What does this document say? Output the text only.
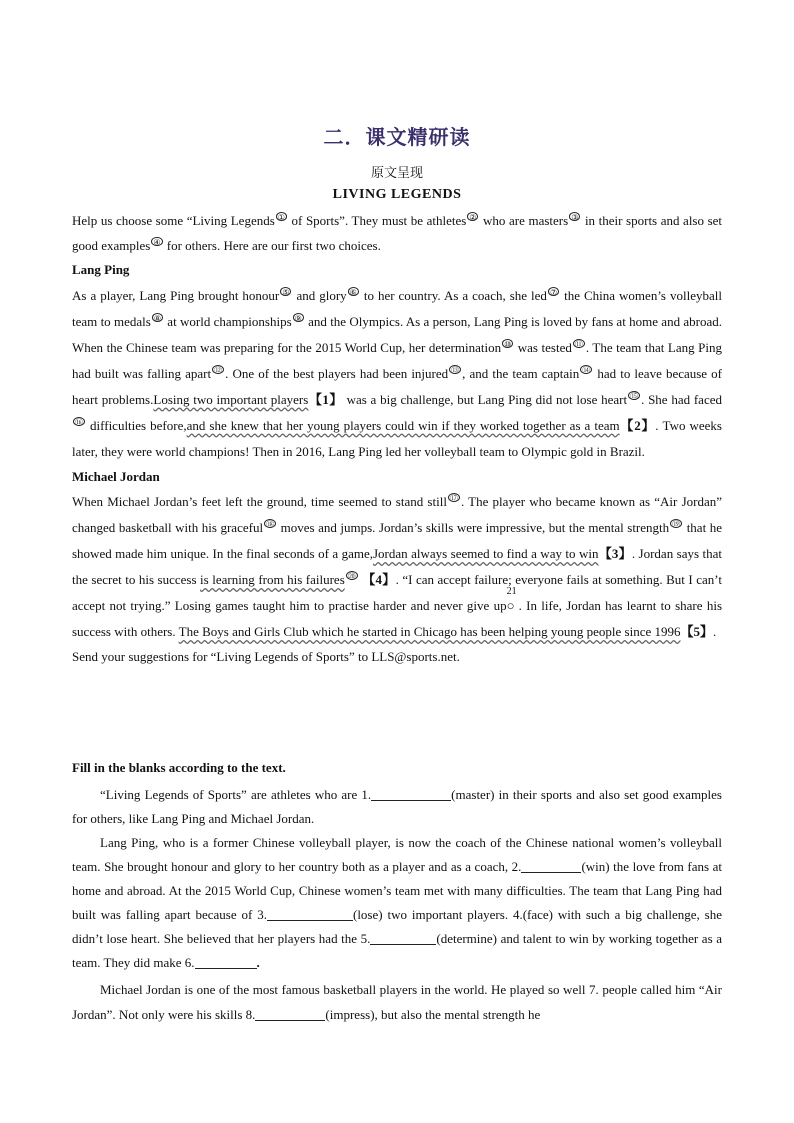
二．课文精研读
原文呈现
LIVING LEGENDS

Help us choose some “Living Legends ① of Sports”. They must be athletes ② who are masters ③ in their sports and also set good examples ④ for others. Here are our first two choices.

Lang Ping

As a player, Lang Ping brought honour ⑤ and glory ⑥ to her country. As a coach, she led ⑦ the China women’s volleyball team to medals ⑧ at world championships ⑨ and the Olympics. As a person, Lang Ping is loved by fans at home and abroad. When the Chinese team was preparing for the 2015 World Cup, her determination ⑩ was tested ⑪ . The team that Lang Ping had built was falling apart ⑫ . One of the best players had been injured ⑬ , and the team captain ⑭ had to leave because of heart problems.Losing two important players【1】 was a big challenge, but Lang Ping did not lose heart ⑮ . She had faced⑯ difficulties before,and she knew that her young players could win if they worked together as a team【2】. Two weeks later, they were world champions! Then in 2016, Lang Ping led her volleyball team to Olympic gold in Brazil.

Michael Jordan

When Michael Jordan’s feet left the ground, time seemed to stand still ⑰ . The player who became known as “Air Jordan” changed basketball with his graceful ⑱ moves and jumps. Jordan’s skills were impressive, but the mental strength ⑲ that he showed made him unique. In the final seconds of a game,Jordan always seemed to find a way to win【3】. Jordan says that the secret to his success is learning from his failures ⑳ 【4】. “I can accept failure; everyone fails at something. But I can’t accept not trying.” Losing games taught him to practise harder and never give up
21
○ . In life, Jordan has learnt to share his success with others. The Boys and Girls Club which he started in Chicago has been helping young people since 1996【5】.

Send your suggestions for “Living Legends of Sports” to LLS@sports.net.

Fill in the blanks according to the text.

“Living Legends of Sports” are athletes who are 1.	(master) in their sports and also set good examples for others, like Lang Ping and Michael Jordan.

Lang Ping, who is a former Chinese volleyball player, is now the coach of the Chinese national women’s volleyball team. She brought honour and glory to her country both as a player and as a coach, 2.	(win) the love from fans at home and abroad. At the 2015 World Cup, Chinese women’s team met with many difficulties. The team that Lang Ping had built was falling apart because of 3.	(lose) two important players. 4.(face) with such a big challenge, she didn’t lose heart. She believed that her players had the 5.	(determine) and talent to win by working together as a team. They did make 6.	.

Michael Jordan is one of the most famous basketball players in the world. He played so well 7. people called him “Air Jordan”. Not only were his skills 8.	(impress), but also the mental strength he
